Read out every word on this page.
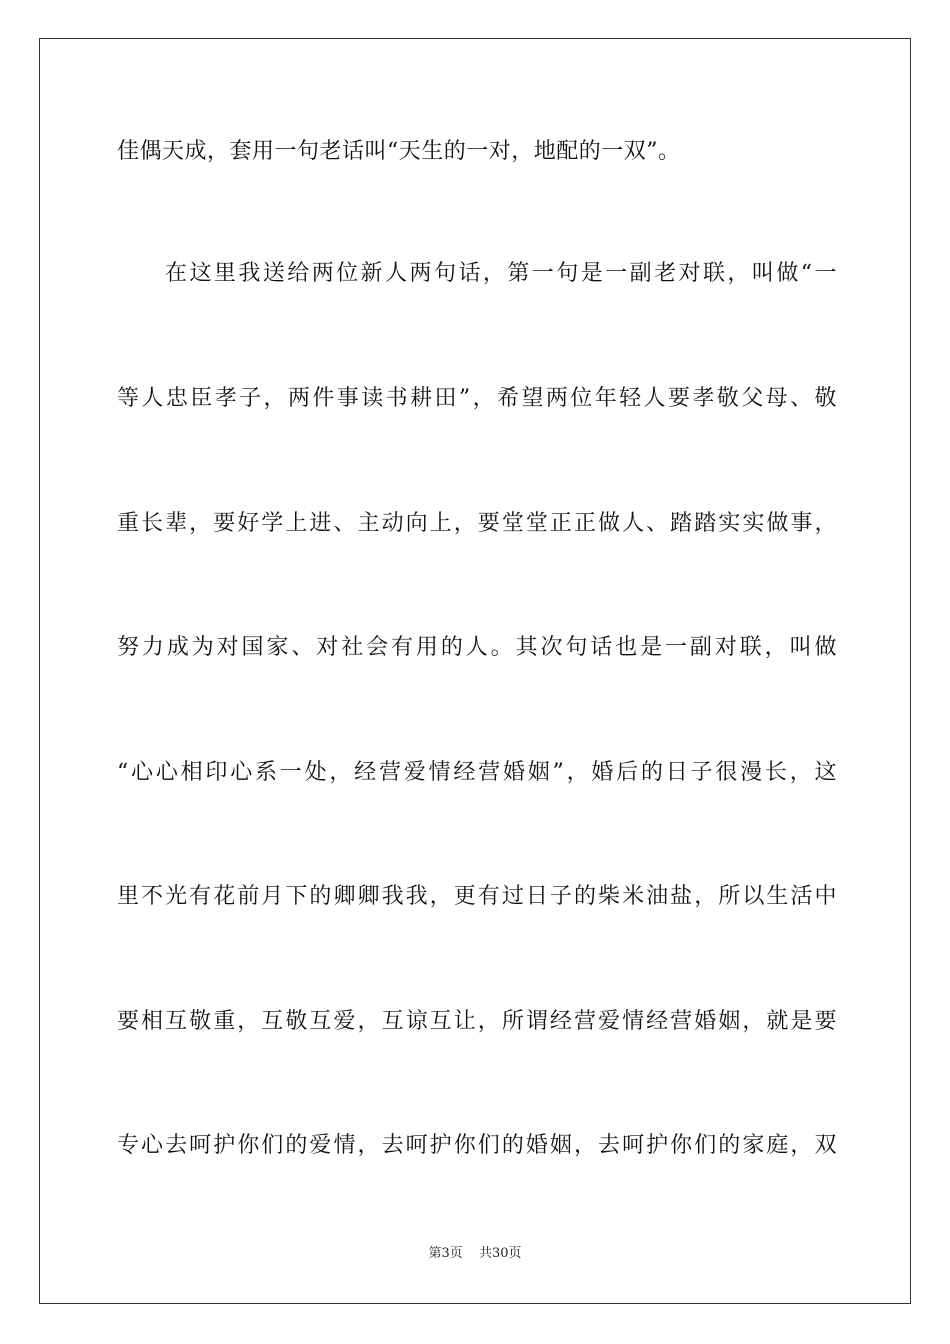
佳偶天成，套用一句老话叫“天生的一对，地配的一双”。
在这里我送给两位新人两句话，第一句是一副老对联，叫做“一
等人忠臣孝子，两件事读书耕田”，希望两位年轻人要孝敬父母、敬
重长辈，要好学上进、主动向上，要堂堂正正做人、踏踏实实做事，
努力成为对国家、对社会有用的人。其次句话也是一副对联，叫做
“心心相印心系一处，经营爱情经营婚姻”，婚后的日子很漫长，这
里不光有花前月下的卿卿我我，更有过日子的柴米油盐，所以生活中
要相互敬重，互敬互爱，互谅互让，所谓经营爱情经营婚姻，就是要
专心去呵护你们的爱情，去呵护你们的婚姻，去呵护你们的家庭，双
第3页 共30页
